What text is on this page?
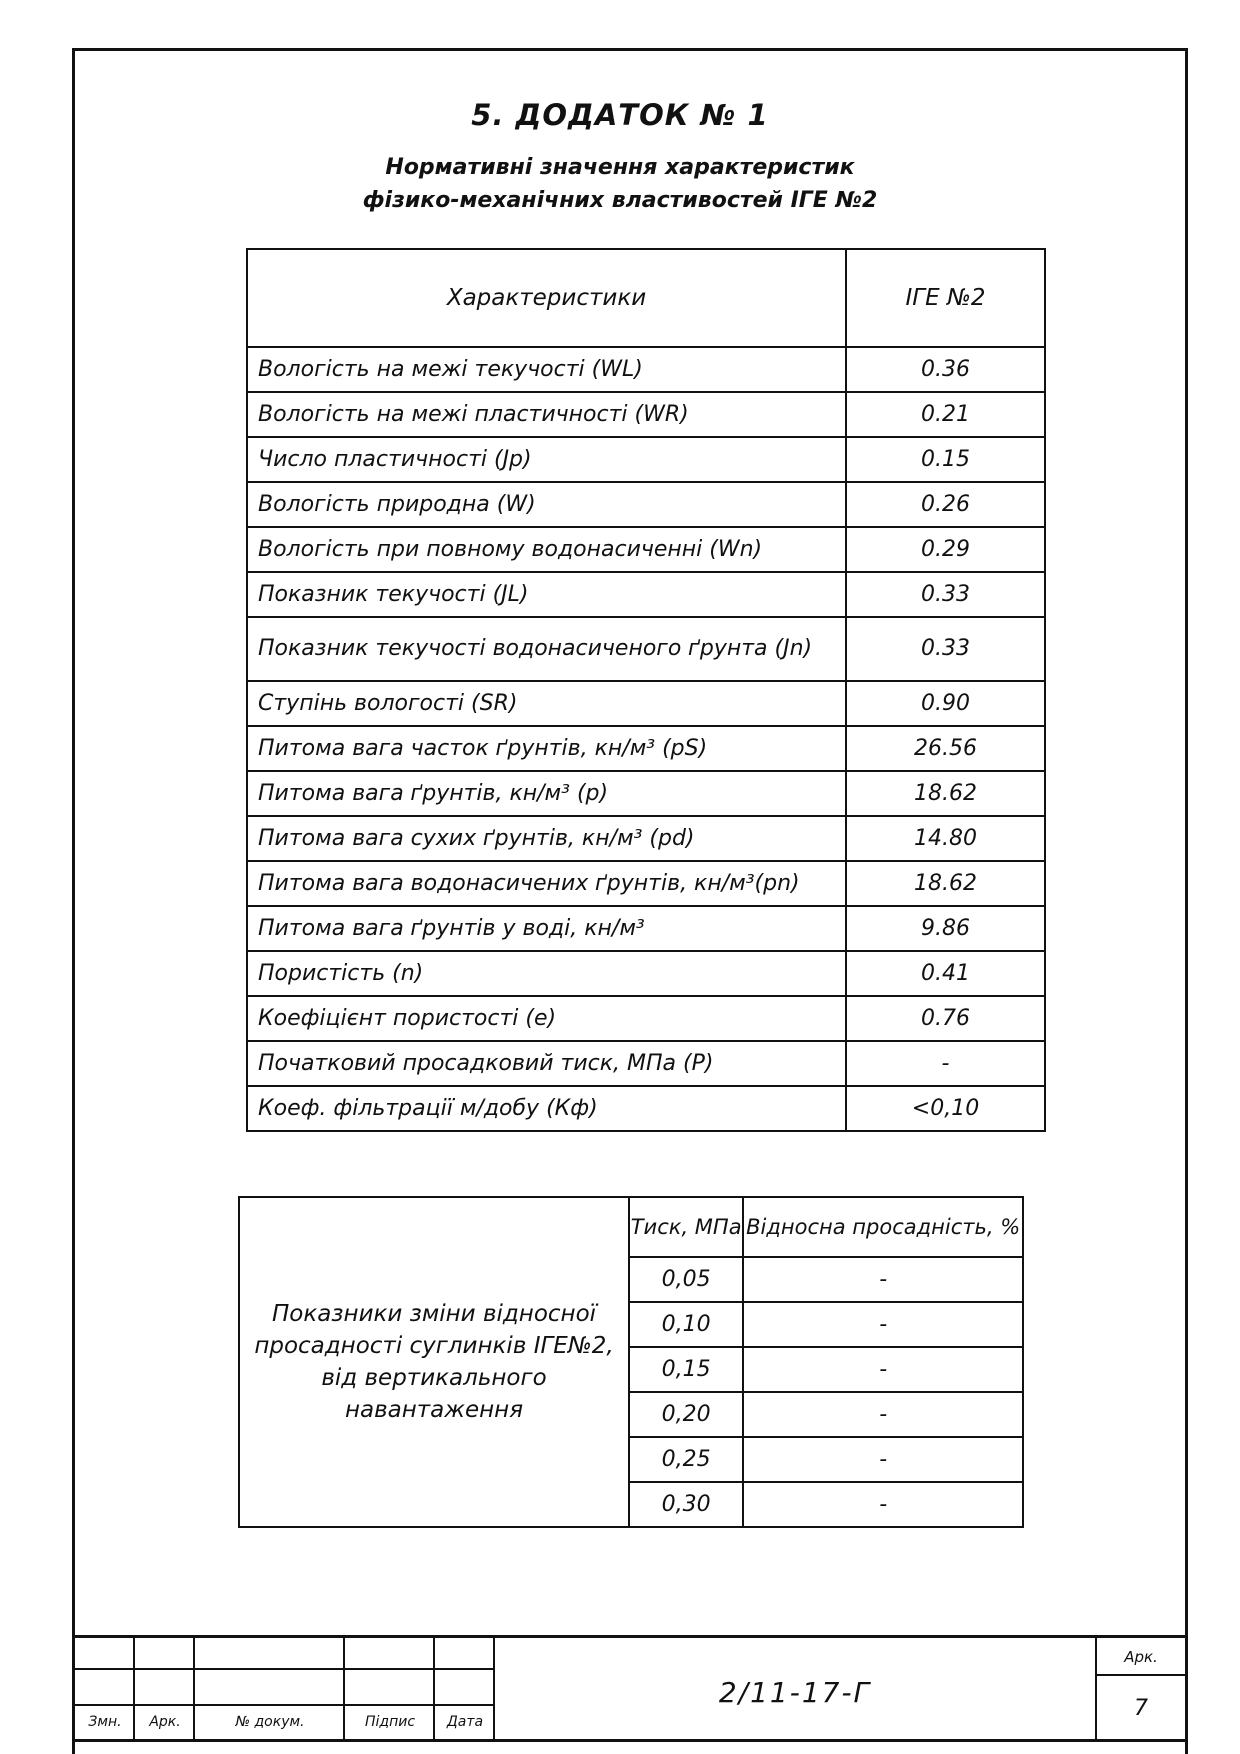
5. ДОДАТОК № 1
Нормативні значення характеристик
фізико-механічних властивостей ІГЕ №2
Характеристики	ІГЕ №2
Вологість на межі текучості (WL)	0.36
Вологість на межі пластичності (WR)	0.21
Число пластичності (Jp)	0.15
Вологість природна (W)	0.26
Вологість при повному водонасиченні (Wn)	0.29
Показник текучості (JL)	0.33
Показник текучості водонасиченого ґрунта (Jn)	0.33
Ступінь вологості (SR)	0.90
Питома вага часток ґрунтів, кн/м³ (pS)	26.56
Питома вага ґрунтів, кн/м³ (p)	18.62
Питома вага сухих ґрунтів, кн/м³ (pd)	14.80
Питома вага водонасичених ґрунтів, кн/м³(pn)	18.62
Питома вага ґрунтів у воді, кн/м³	9.86
Пористість (n)	0.41
Коефіцієнт пористості (e)	0.76
Початковий просадковий тиск, МПа (P)	-
Коеф. фільтрації м/добу (Кф)	<0,10
Показники зміни відносної просадності суглинків ІГЕ№2, від вертикального навантаження	Тиск, МПа	Відносна просадність, %
	0,05	-
	0,10	-
	0,15	-
	0,20	-
	0,25	-
	0,30	-
Змн.	Арк.	№ докум.	Підпис	Дата
2/11-17-Г
Арк.
7
